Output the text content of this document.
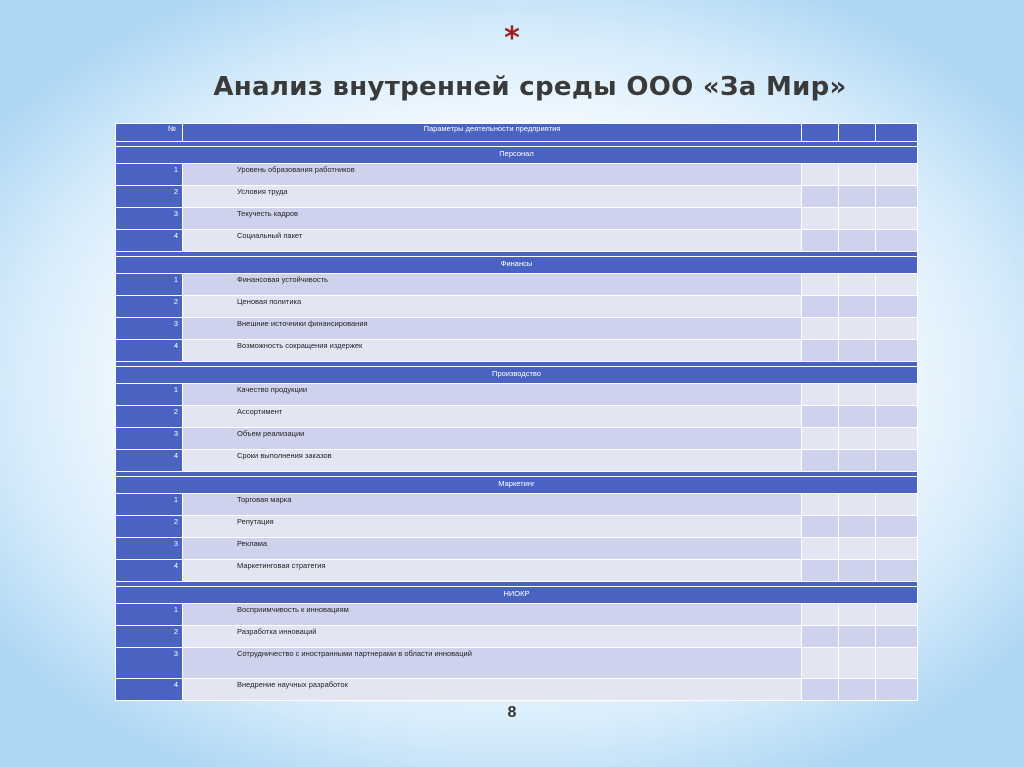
*
Анализ внутренней среды ООО «За Мир»
№	Параметры деятельности предприятия			

Персонал				
1	Уровень образования работников			
2	Условия труда			
3	Текучесть кадров			
4	Социальный пакет			

Финансы				
1	Финансовая устойчивость			
2	Ценовая политика			
3	Внешние источники финансирования			
4	Возможность сокращения издержек			

Производство				
1	Качество продукции			
2	Ассортимент			
3	Объем реализации			
4	Сроки выполнения заказов			

Маркетинг				
1	Торговая марка			
2	Репутация			
3	Реклама			
4	Маркетинговая стратегия			

НИОКР				
1	Восприимчивость к инновациям			
2	Разработка инноваций			
3	Сотрудничество с иностранными партнерами в области инноваций			
4	Внедрение научных разработок			
8
